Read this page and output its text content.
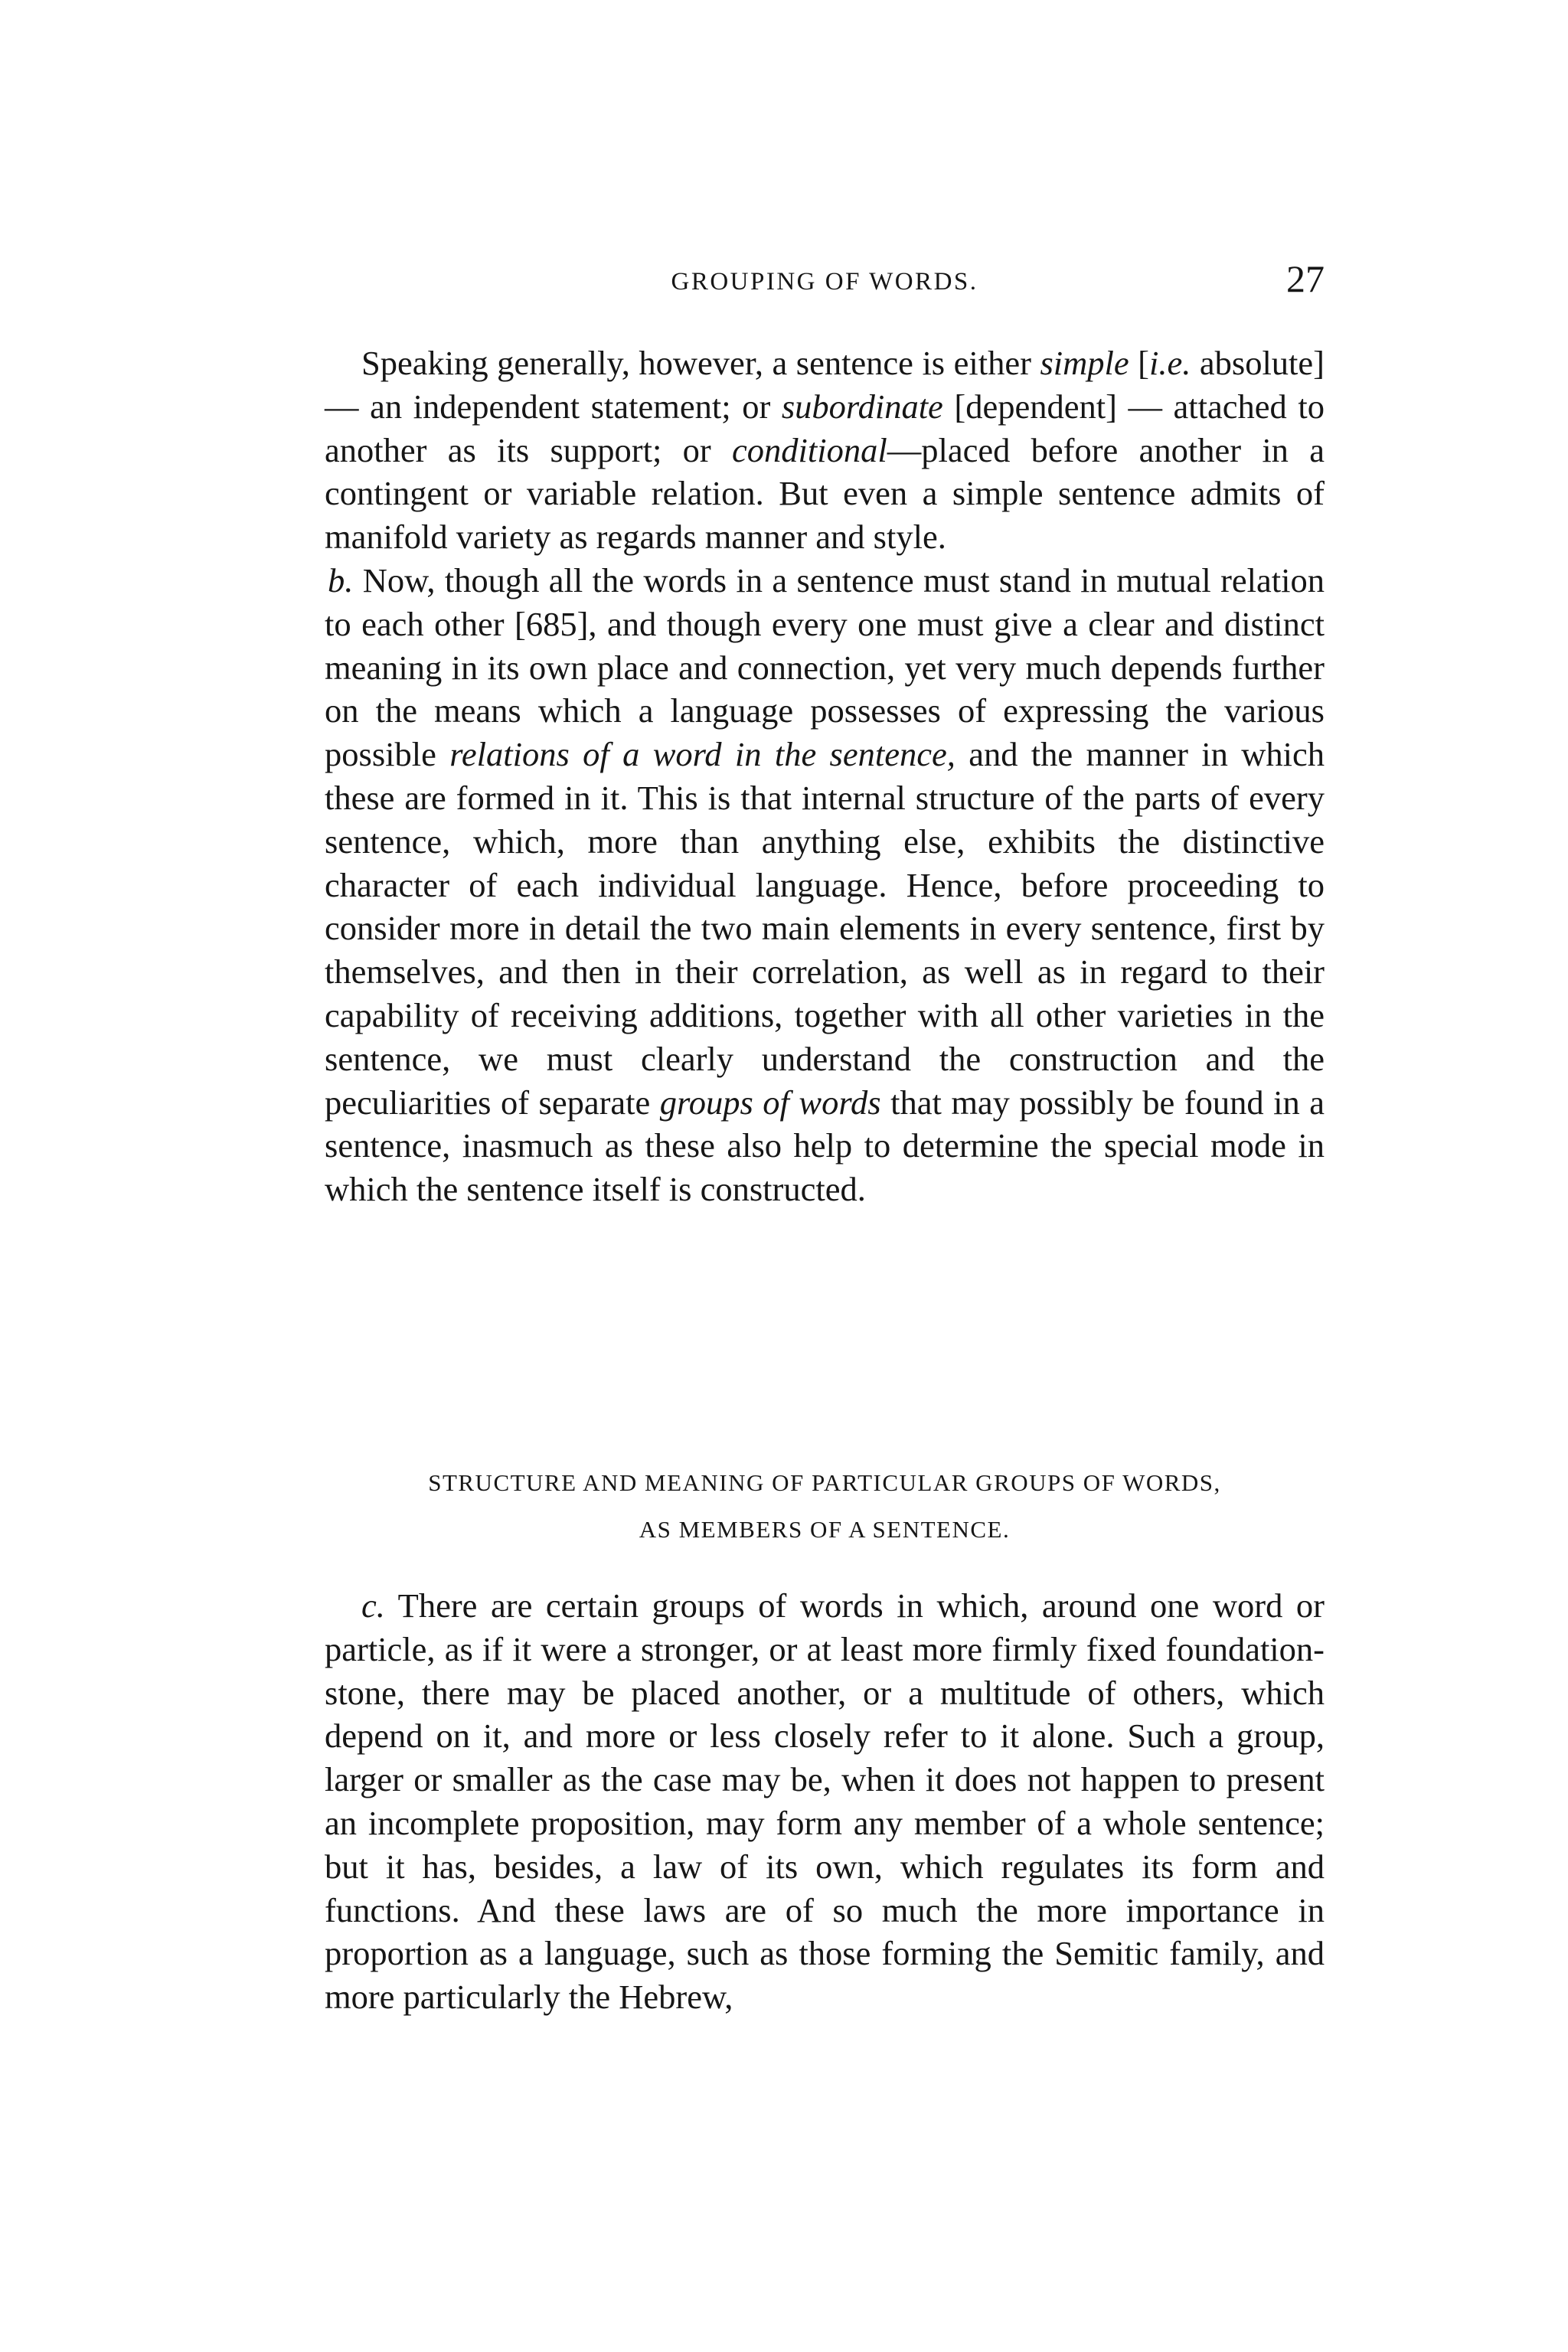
GROUPING OF WORDS.	27

Speaking generally, however, a sentence is either simple [i.e. absolute] — an independent statement; or subordinate [dependent] — attached to another as its support; or conditional—placed before another in a contingent or variable relation. But even a simple sentence admits of manifold variety as regards manner and style.

b. Now, though all the words in a sentence must stand in mutual relation to each other [685], and though every one must give a clear and distinct meaning in its own place and connection, yet very much depends further on the means which a language possesses of expressing the various possible relations of a word in the sentence, and the manner in which these are formed in it. This is that internal structure of the parts of every sentence, which, more than anything else, exhibits the distinctive character of each individual language. Hence, before proceeding to consider more in detail the two main elements in every sentence, first by themselves, and then in their correlation, as well as in regard to their capability of receiving additions, together with all other varieties in the sentence, we must clearly understand the construction and the peculiarities of separate groups of words that may possibly be found in a sentence, inasmuch as these also help to determine the special mode in which the sentence itself is constructed.

STRUCTURE AND MEANING OF PARTICULAR GROUPS OF WORDS,
AS MEMBERS OF A SENTENCE.

c. There are certain groups of words in which, around one word or particle, as if it were a stronger, or at least more firmly fixed foundation-stone, there may be placed another, or a multitude of others, which depend on it, and more or less closely refer to it alone. Such a group, larger or smaller as the case may be, when it does not happen to present an incomplete proposition, may form any member of a whole sentence; but it has, besides, a law of its own, which regulates its form and functions. And these laws are of so much the more importance in proportion as a language, such as those forming the Semitic family, and more particularly the Hebrew,
